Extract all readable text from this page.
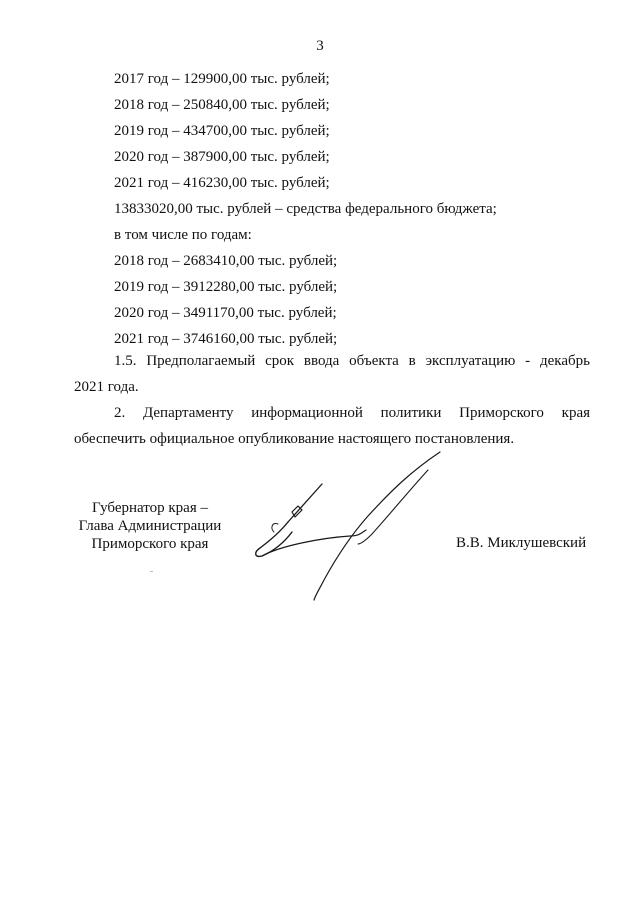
3
2017 год – 129900,00 тыс. рублей;
2018 год – 250840,00 тыс. рублей;
2019 год – 434700,00 тыс. рублей;
2020 год – 387900,00 тыс. рублей;
2021 год – 416230,00 тыс. рублей;
13833020,00 тыс. рублей – средства федерального бюджета;
в том числе по годам:
2018 год – 2683410,00 тыс. рублей;
2019 год – 3912280,00 тыс. рублей;
2020 год – 3491170,00 тыс. рублей;
2021 год – 3746160,00 тыс. рублей;
1.5. Предполагаемый срок ввода объекта в эксплуатацию - декабрь
2021 года.
2. Департаменту информационной политики Приморского края
обеспечить официальное опубликование настоящего постановления.
Губернатор края –
Глава Администрации
Приморского края	В.В. Миклушевский
